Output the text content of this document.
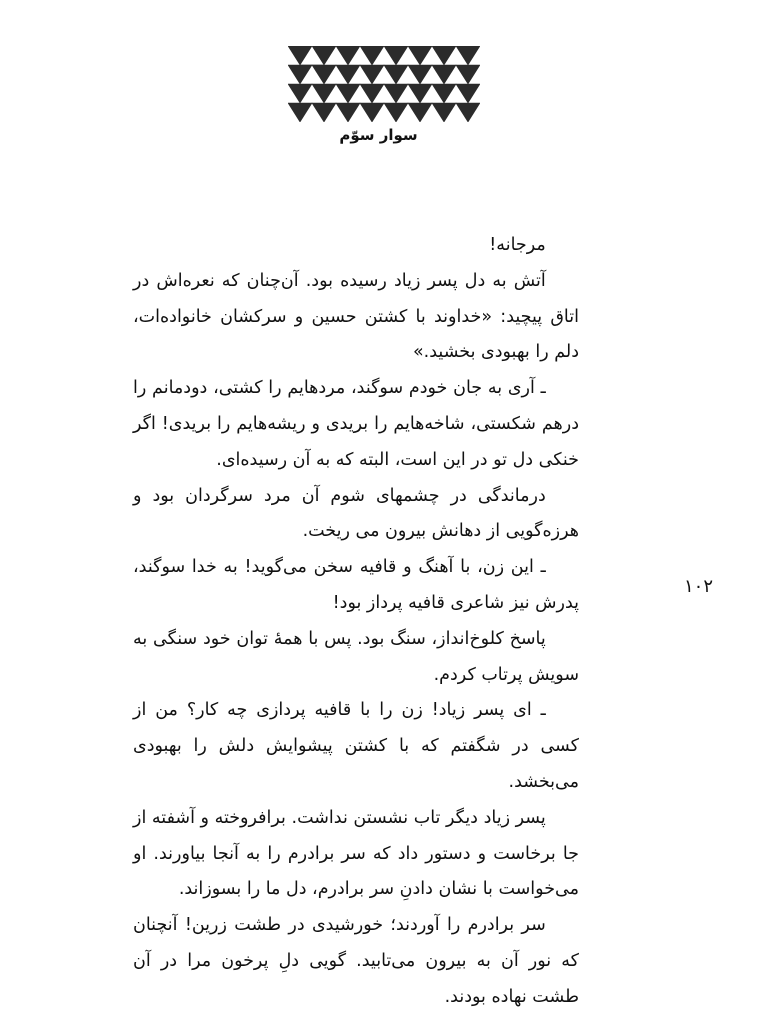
سوار سوّم
۱۰۲

مرجانه!

آتش به دل پسر زیاد رسیده بود. آن‌چنان که نعره‌اش در اتاق پیچید: «خداوند با کشتن حسین و سرکشان خانواده‌ات، دلم را بهبودی بخشید.»

ـ آری به جان خودم سوگند، مردهایم را کشتی، دودمانم را درهم شکستی، شاخه‌هایم را بریدی و ریشه‌هایم را بریدی! اگر خنکی دل تو در این است، البته که به آن رسیده‌ای.

درماندگی در چشمهای شوم آن مرد سرگردان بود و هرزه‌گویی از دهانش بیرون می ریخت.

ـ این زن، با آهنگ و قافیه سخن می‌گوید! به خدا سوگند، پدرش نیز شاعری قافیه پرداز بود!

پاسخ کلوخ‌انداز، سنگ بود. پس با همهٔ توان خود سنگی به سویش پرتاب کردم.

ـ ای پسر زیاد! زن را با قافیه پردازی چه کار؟ من از کسی در شگفتم که با کشتن پیشوایش دلش را بهبودی می‌بخشد.

پسر زیاد دیگر تاب نشستن نداشت. برافروخته و آشفته از جا برخاست و دستور داد که سر برادرم را به آنجا بیاورند. او می‌خواست با نشان دادنِ سر برادرم، دل ما را بسوزاند.

سر برادرم را آوردند؛ خورشیدی در طشت زرین! آنچنان که نور آن به بیرون می‌تابید. گویی دلِ پرخون مرا در آن طشت نهاده بودند.
